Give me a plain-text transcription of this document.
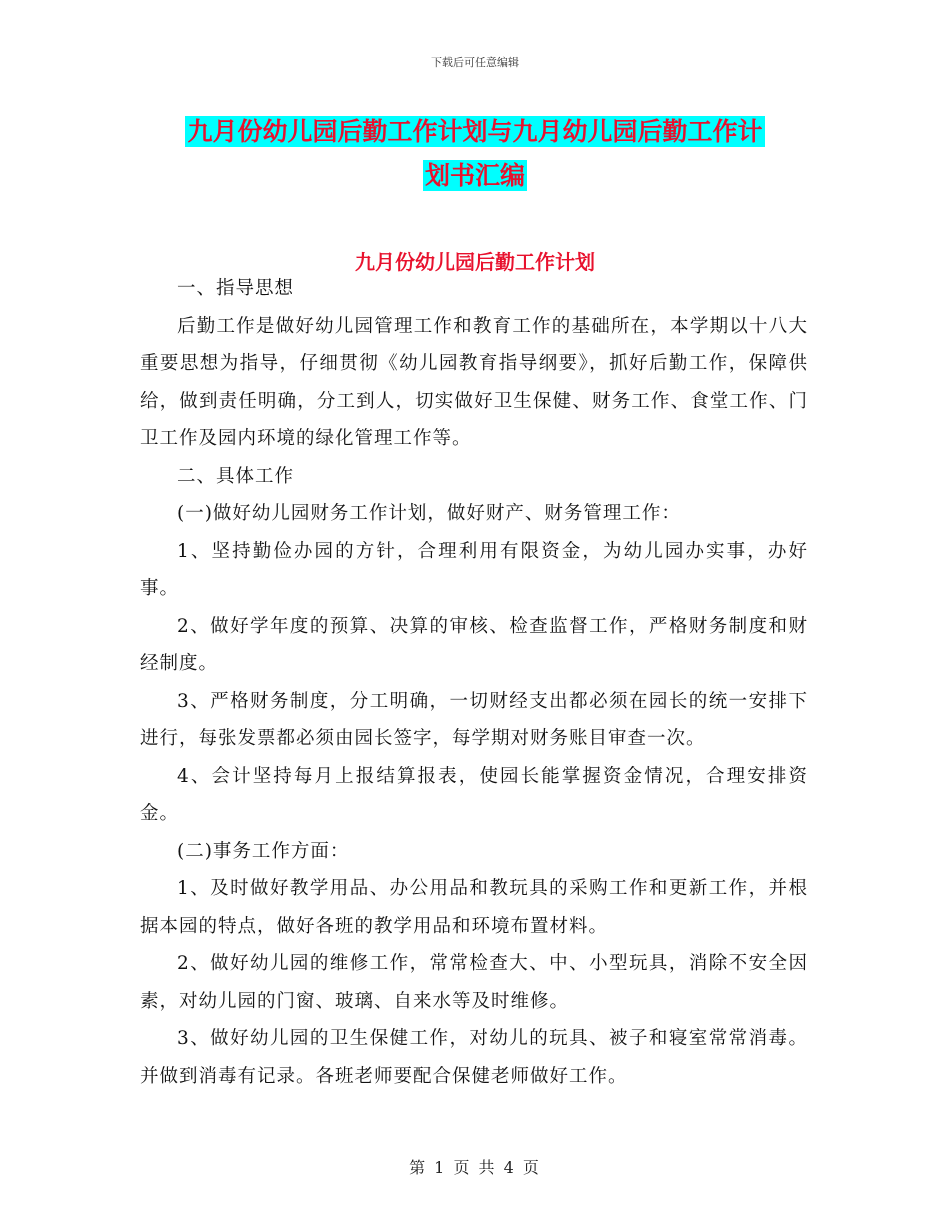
下载后可任意编辑
九月份幼儿园后勤工作计划与九月幼儿园后勤工作计
划书汇编
九月份幼儿园后勤工作计划

一、指导思想

后勤工作是做好幼儿园管理工作和教育工作的基础所在，本学期以十八大重要思想为指导，仔细贯彻《幼儿园教育指导纲要》，抓好后勤工作，保障供给，做到责任明确，分工到人，切实做好卫生保健、财务工作、食堂工作、门卫工作及园内环境的绿化管理工作等。

二、具体工作

(一)做好幼儿园财务工作计划，做好财产、财务管理工作：

1、坚持勤俭办园的方针，合理利用有限资金，为幼儿园办实事，办好事。

2、做好学年度的预算、决算的审核、检查监督工作，严格财务制度和财经制度。

3、严格财务制度，分工明确，一切财经支出都必须在园长的统一安排下进行，每张发票都必须由园长签字，每学期对财务账目审查一次。

4、会计坚持每月上报结算报表，使园长能掌握资金情况，合理安排资金。

(二)事务工作方面：

1、及时做好教学用品、办公用品和教玩具的采购工作和更新工作，并根据本园的特点，做好各班的教学用品和环境布置材料。

2、做好幼儿园的维修工作，常常检查大、中、小型玩具，消除不安全因素，对幼儿园的门窗、玻璃、自来水等及时维修。

3、做好幼儿园的卫生保健工作，对幼儿的玩具、被子和寝室常常消毒。并做到消毒有记录。各班老师要配合保健老师做好工作。

第 1 页 共 4 页
